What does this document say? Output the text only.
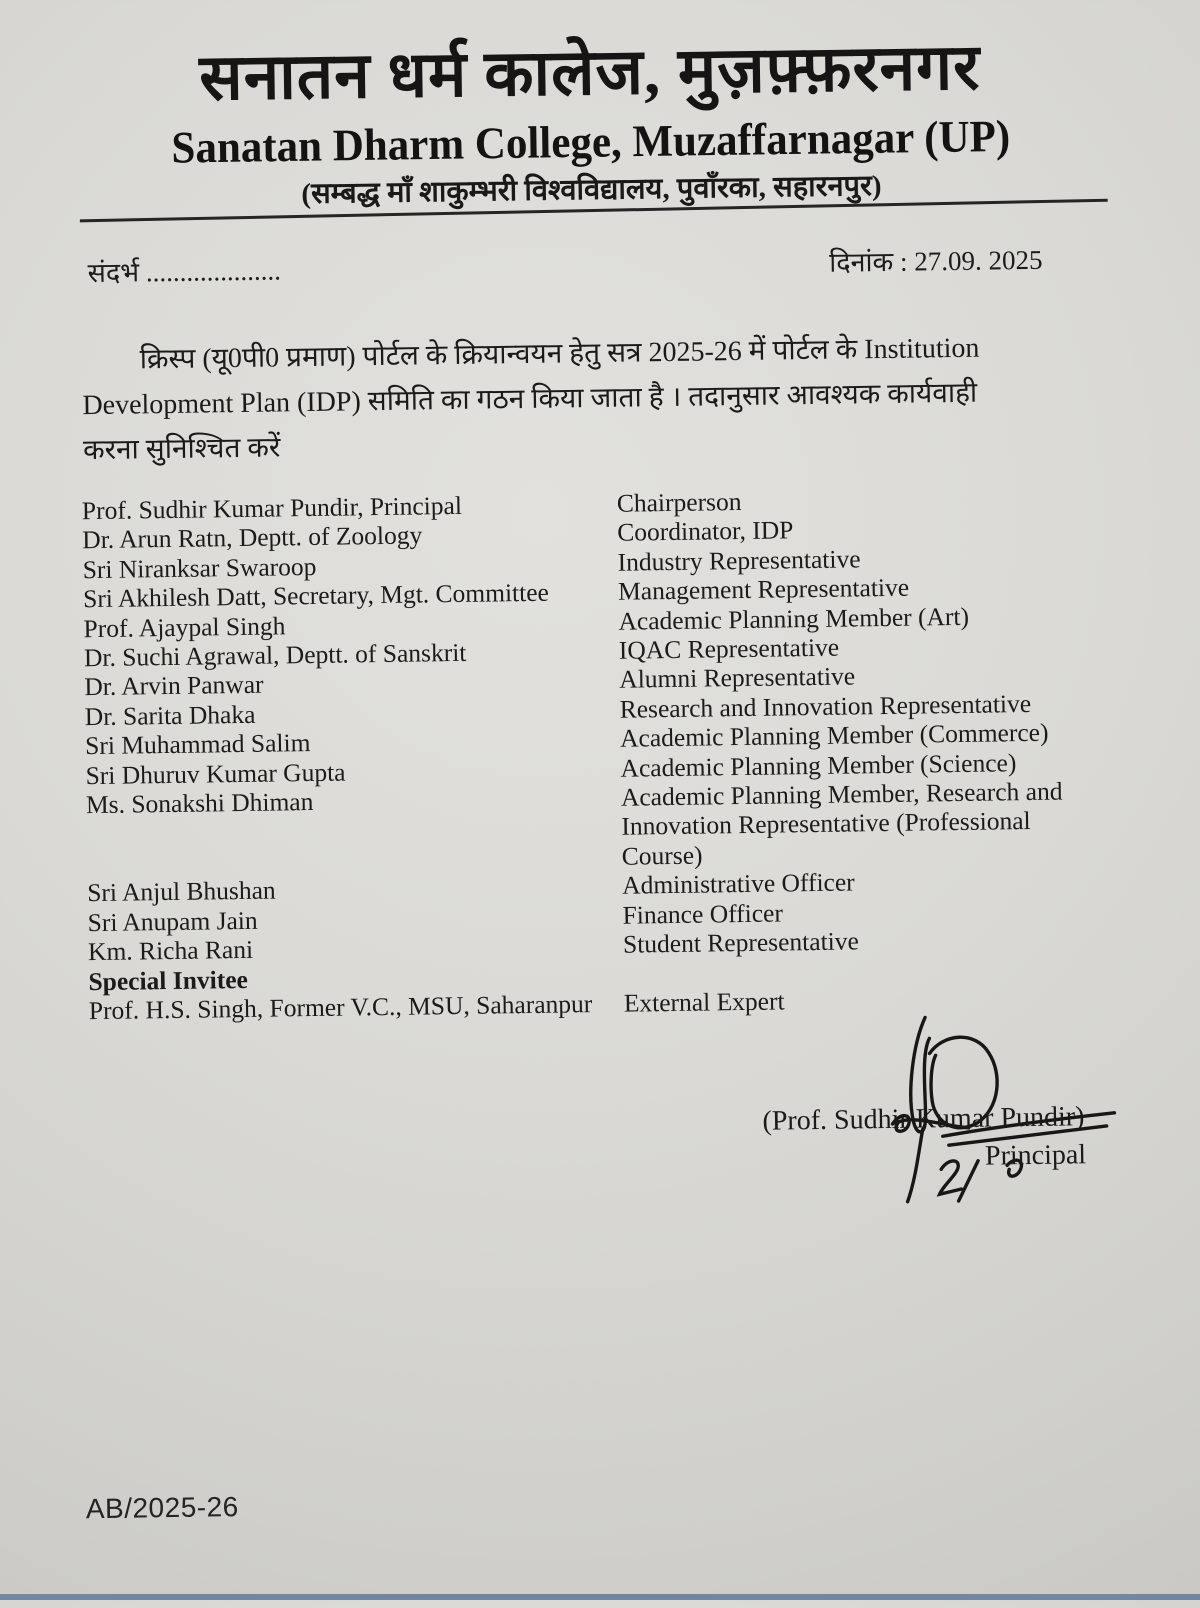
सनातन धर्म कालेज, मुज़फ़्फ़रनगर
Sanatan Dharm College, Muzaffarnagar (UP)
(सम्बद्ध माँ शाकुम्भरी विश्वविद्यालय, पुवाँरका, सहारनपुर)
संदर्भ ....................	दिनांक : 27.09. 2025
क्रिस्प (यू0पी0 प्रमाण) पोर्टल के क्रियान्वयन हेतु सत्र 2025-26 में पोर्टल के Institution
Development Plan (IDP) समिति का गठन किया जाता है । तदानुसार आवश्यक कार्यवाही
करना सुनिश्चित करें
Prof. Sudhir Kumar Pundir, Principal	Chairperson
Dr. Arun Ratn, Deptt. of Zoology	Coordinator, IDP
Sri Niranksar Swaroop	Industry Representative
Sri Akhilesh Datt, Secretary, Mgt. Committee	Management Representative
Prof. Ajaypal Singh	Academic Planning Member (Art)
Dr. Suchi Agrawal, Deptt. of Sanskrit	IQAC Representative
Dr. Arvin Panwar	Alumni Representative
Dr. Sarita Dhaka	Research and Innovation Representative
Sri Muhammad Salim	Academic Planning Member (Commerce)
Sri Dhuruv Kumar Gupta	Academic Planning Member (Science)
Ms. Sonakshi Dhiman	Academic Planning Member, Research and Innovation Representative (Professional Course)
Sri Anjul Bhushan	Administrative Officer
Sri Anupam Jain	Finance Officer
Km. Richa Rani	Student Representative
Special Invitee
Prof. H.S. Singh, Former V.C., MSU, Saharanpur	External Expert
(Prof. Sudhir Kumar Pundir)
Principal
AB/2025-26
